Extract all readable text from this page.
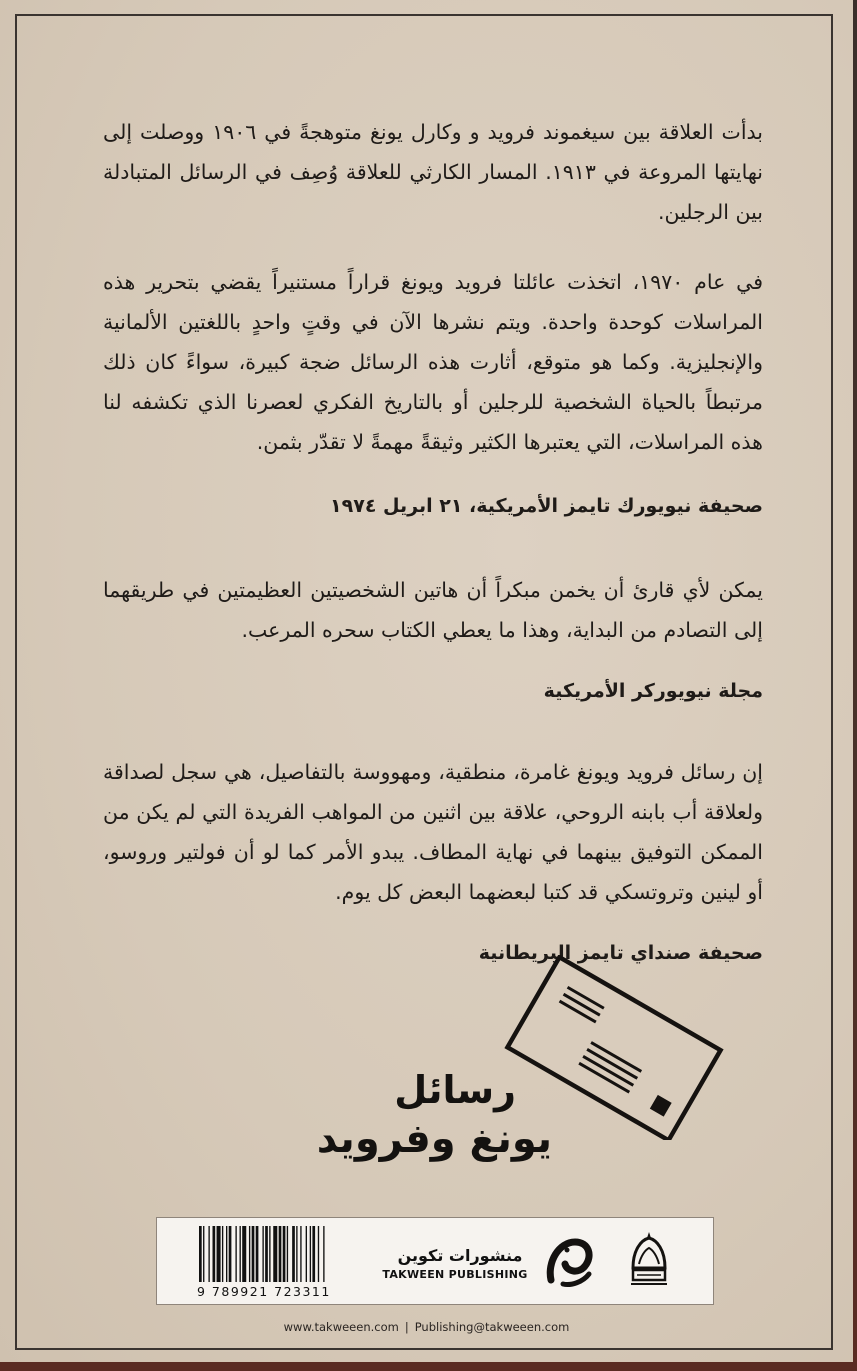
بدأت العلاقة بين سيغموند فرويد و وكارل يونغ متوهجةً في ١٩٠٦ ووصلت إلى نهايتها المروعة في ١٩١٣. المسار الكارثي للعلاقة وُصِف في الرسائل المتبادلة بين الرجلين.
في عام ١٩٧٠، اتخذت عائلتا فرويد ويونغ قراراً مستنيراً يقضي بتحرير هذه المراسلات كوحدة واحدة. ويتم نشرها الآن في وقتٍ واحدٍ باللغتين الألمانية والإنجليزية. وكما هو متوقع، أثارت هذه الرسائل ضجة كبيرة، سواءً كان ذلك مرتبطاً بالحياة الشخصية للرجلين أو بالتاريخ الفكري لعصرنا الذي تكشفه لنا هذه المراسلات، التي يعتبرها الكثير وثيقةً مهمةً لا تقدّر بثمن.
صحيفة نيويورك تايمز الأمريكية، ٢١ ابريل ١٩٧٤
يمكن لأي قارئ أن يخمن مبكراً أن هاتين الشخصيتين العظيمتين في طريقهما إلى التصادم من البداية، وهذا ما يعطي الكتاب سحره المرعب.
مجلة نيويوركر الأمريكية
إن رسائل فرويد ويونغ غامرة، منطقية، ومهووسة بالتفاصيل، هي سجل لصداقة ولعلاقة أب بابنه الروحي، علاقة بين اثنين من المواهب الفريدة التي لم يكن من الممكن التوفيق بينهما في نهاية المطاف. يبدو الأمر كما لو أن فولتير وروسو، أو لينين وتروتسكي قد كتبا لبعضهما البعض كل يوم.
صحيفة صنداي تايمز البريطانية
رسائل
يونغ وفرويد
9 789921 723311
منشورات تكوين
TAKWEEN PUBLISHING
www.takweeen.com | Publishing@takweeen.com
